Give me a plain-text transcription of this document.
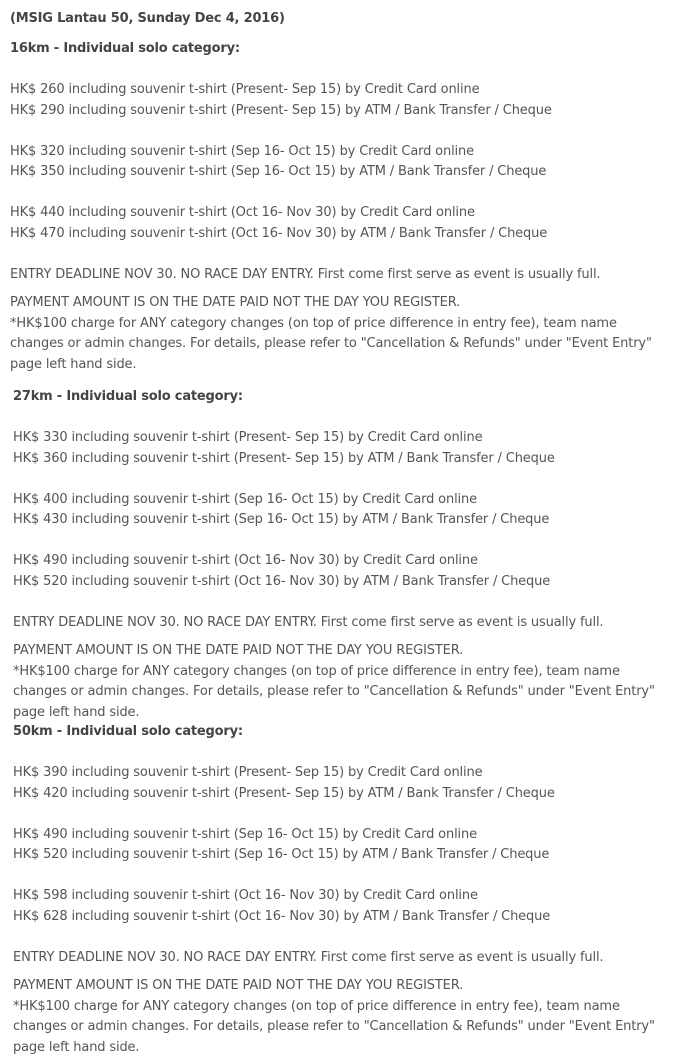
(MSIG Lantau 50, Sunday Dec 4, 2016)
16km - Individual solo category:
HK$ 260 including souvenir t-shirt (Present- Sep 15) by Credit Card online
HK$ 290 including souvenir t-shirt (Present- Sep 15) by ATM / Bank Transfer / Cheque
HK$ 320 including souvenir t-shirt (Sep 16- Oct 15) by Credit Card online
HK$ 350 including souvenir t-shirt (Sep 16- Oct 15) by ATM / Bank Transfer / Cheque
HK$ 440 including souvenir t-shirt (Oct 16- Nov 30) by Credit Card online
HK$ 470 including souvenir t-shirt (Oct 16- Nov 30) by ATM / Bank Transfer / Cheque
ENTRY DEADLINE NOV 30. NO RACE DAY ENTRY. First come first serve as event is usually full.

PAYMENT AMOUNT IS ON THE DATE PAID NOT THE DAY YOU REGISTER.

*HK$100 charge for ANY category changes (on top of price difference in entry fee), team name changes or admin changes. For details, please refer to "Cancellation & Refunds" under "Event Entry" page left hand side.

27km - Individual solo category:
HK$ 330 including souvenir t-shirt (Present- Sep 15) by Credit Card online
HK$ 360 including souvenir t-shirt (Present- Sep 15) by ATM / Bank Transfer / Cheque
HK$ 400 including souvenir t-shirt (Sep 16- Oct 15) by Credit Card online
HK$ 430 including souvenir t-shirt (Sep 16- Oct 15) by ATM / Bank Transfer / Cheque
HK$ 490 including souvenir t-shirt (Oct 16- Nov 30) by Credit Card online
HK$ 520 including souvenir t-shirt (Oct 16- Nov 30) by ATM / Bank Transfer / Cheque
ENTRY DEADLINE NOV 30. NO RACE DAY ENTRY. First come first serve as event is usually full.

PAYMENT AMOUNT IS ON THE DATE PAID NOT THE DAY YOU REGISTER.

*HK$100 charge for ANY category changes (on top of price difference in entry fee), team name changes or admin changes. For details, please refer to "Cancellation & Refunds" under "Event Entry" page left hand side.

50km - Individual solo category:
HK$ 390 including souvenir t-shirt (Present- Sep 15) by Credit Card online
HK$ 420 including souvenir t-shirt (Present- Sep 15) by ATM / Bank Transfer / Cheque
HK$ 490 including souvenir t-shirt (Sep 16- Oct 15) by Credit Card online
HK$ 520 including souvenir t-shirt (Sep 16- Oct 15) by ATM / Bank Transfer / Cheque
HK$ 598 including souvenir t-shirt (Oct 16- Nov 30) by Credit Card online
HK$ 628 including souvenir t-shirt (Oct 16- Nov 30) by ATM / Bank Transfer / Cheque
ENTRY DEADLINE NOV 30. NO RACE DAY ENTRY. First come first serve as event is usually full.

PAYMENT AMOUNT IS ON THE DATE PAID NOT THE DAY YOU REGISTER.

*HK$100 charge for ANY category changes (on top of price difference in entry fee), team name changes or admin changes. For details, please refer to "Cancellation & Refunds" under "Event Entry" page left hand side.
